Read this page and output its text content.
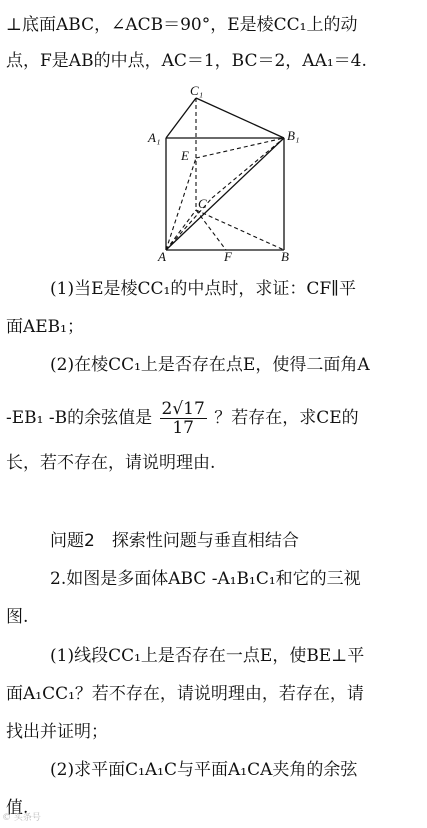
⊥底面ABC，∠ACB＝90°，E是棱CC₁上的动
点，F是AB的中点，AC＝1，BC＝2，AA₁＝4.
C₁
A₁	B₁
E
C
A	F	B
(1)当E是棱CC₁的中点时，求证：CF∥平
面AEB₁；
(2)在棱CC₁上是否存在点E，使得二面角A
-EB₁ -B的余弦值是 $\frac{2√17}{17}$ ？若存在，求CE的
长，若不存在，请说明理由.
问题2　探索性问题与垂直相结合
2.如图是多面体ABC -A₁B₁C₁和它的三视
图.
(1)线段CC₁上是否存在一点E，使BE⊥平
面A₁CC₁？若不存在，请说明理由，若存在，请
找出并证明；
(2)求平面C₁A₁C与平面A₁CA夹角的余弦
值.
© 头条号
